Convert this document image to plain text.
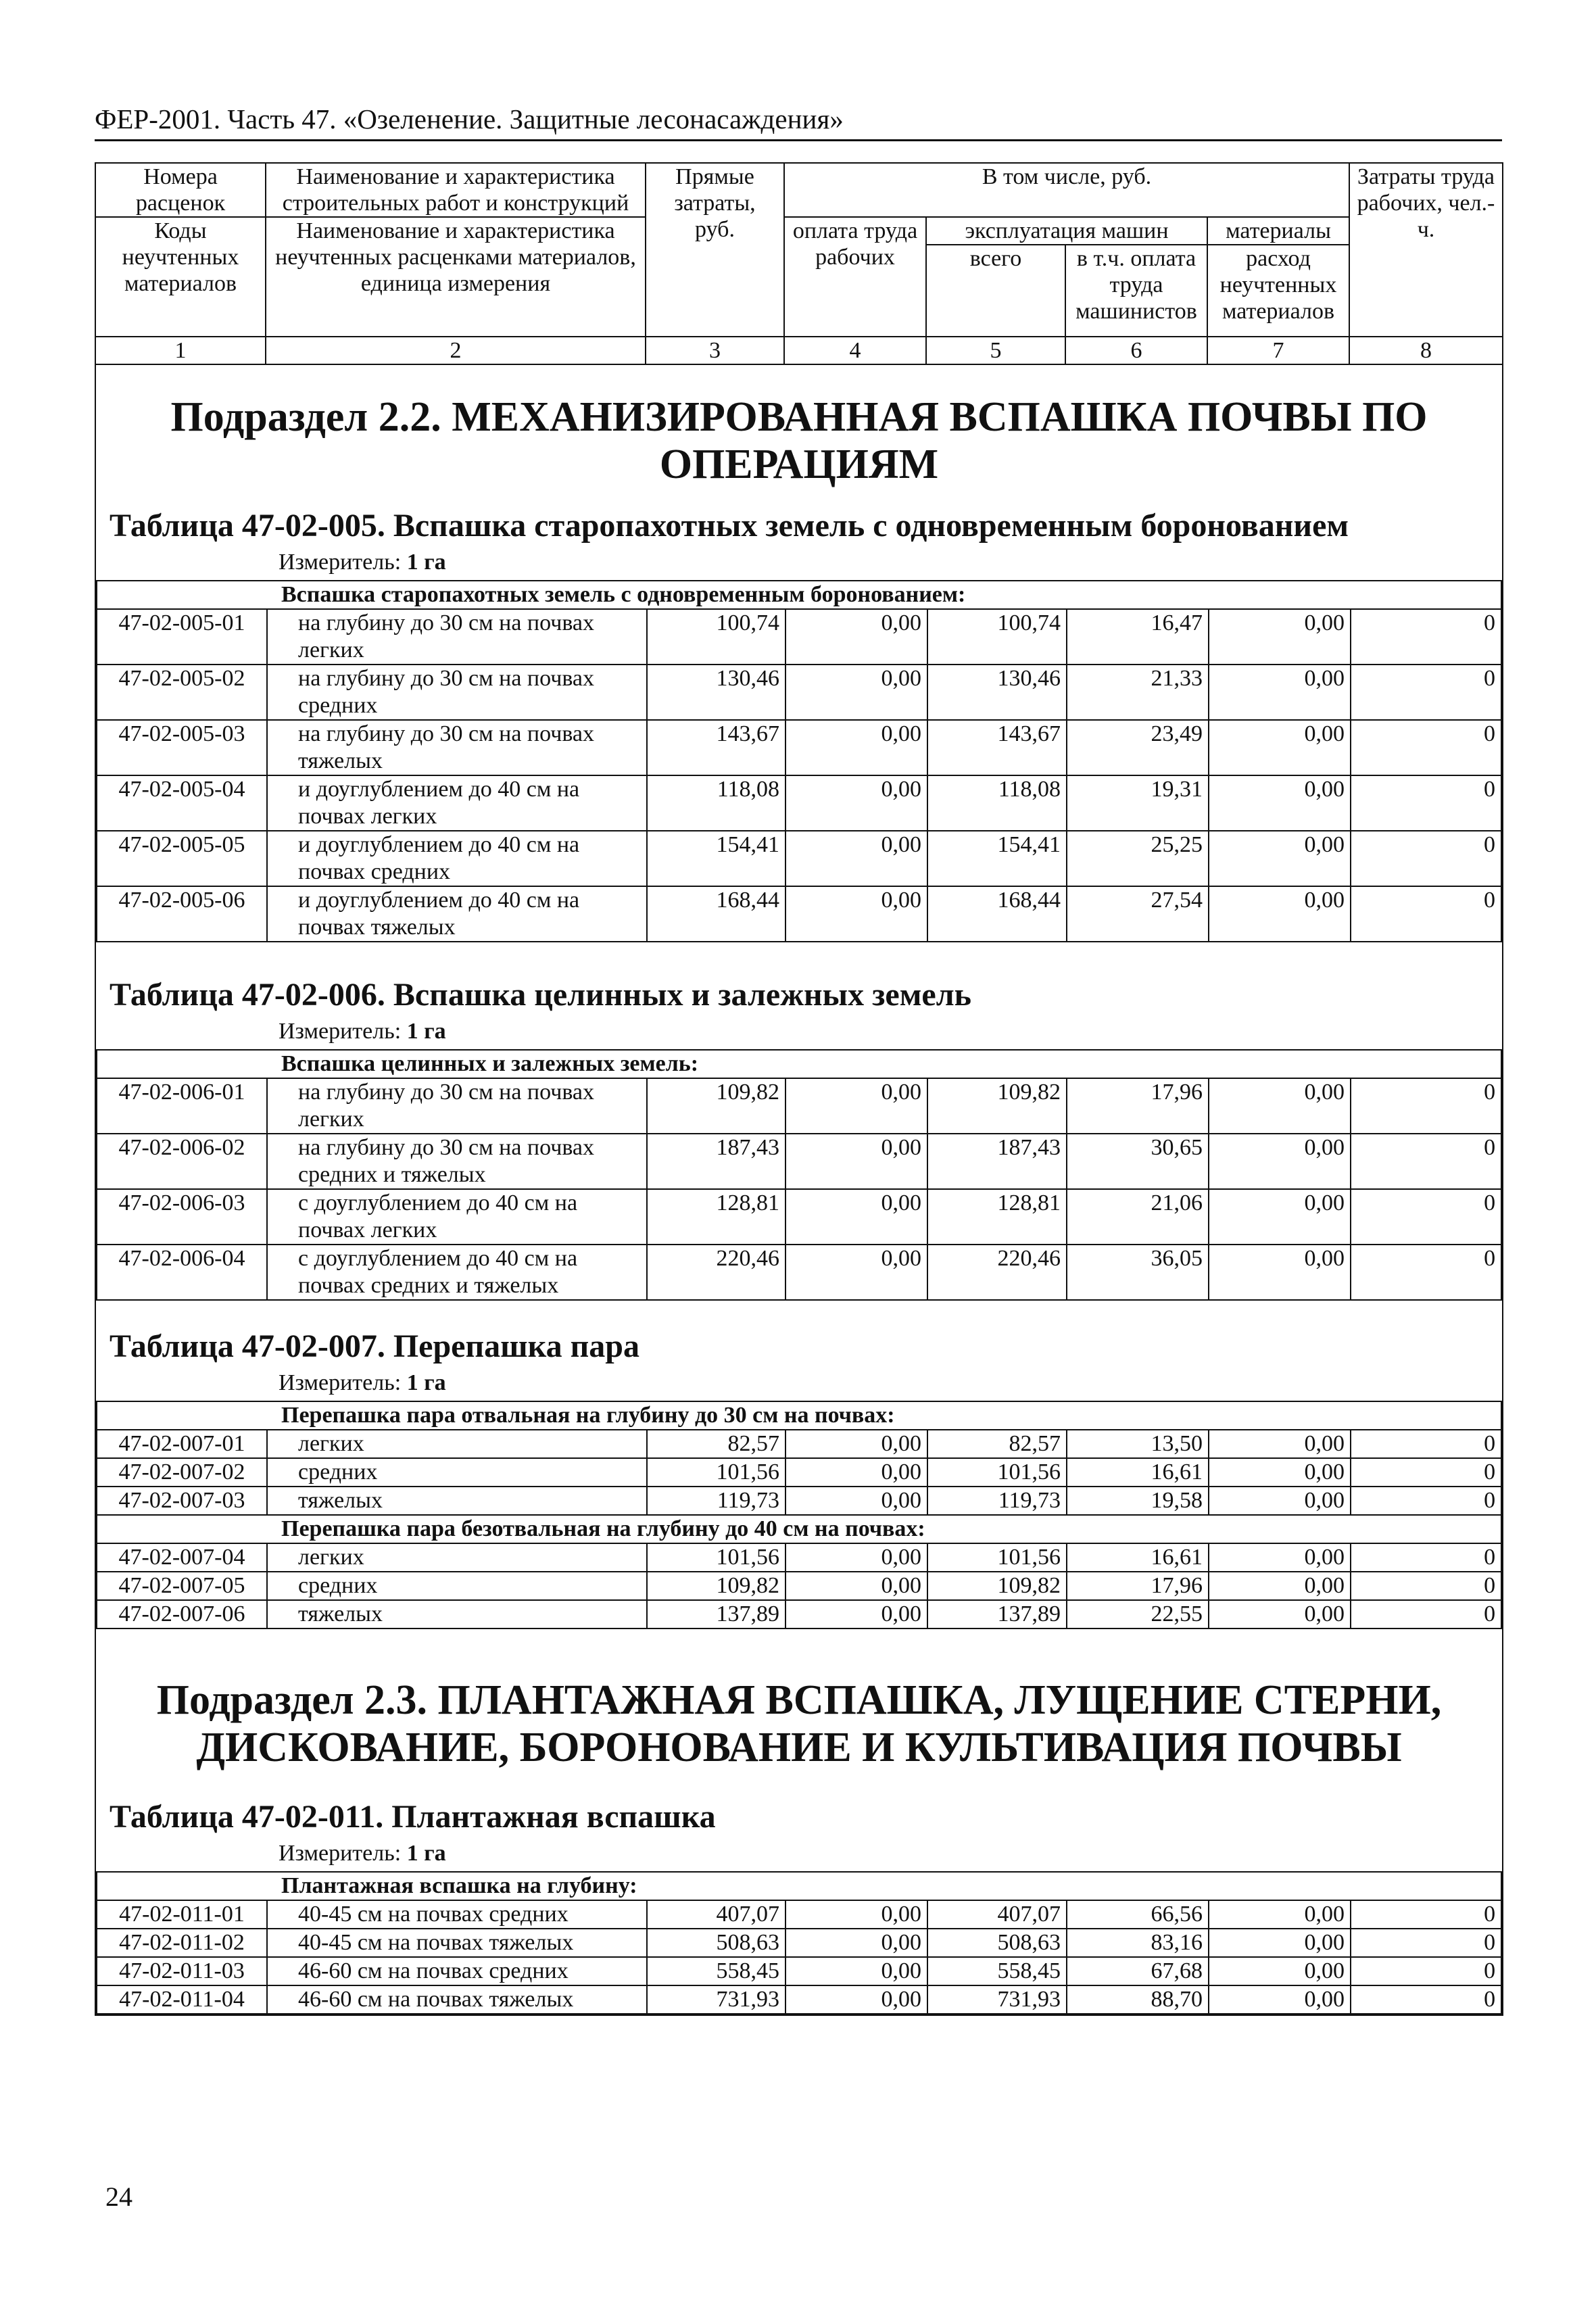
ФЕР-2001. Часть 47. «Озеленение. Защитные лесонасаждения»
Номера расценок	Наименование и характеристика строительных работ и конструкций	Прямые затраты, руб.	В том числе, руб.	Затраты труда рабочих, чел.-ч.
Коды неучтенных материалов	Наименование и характеристика неучтенных расценками материалов, единица измерения	оплата труда рабочих	эксплуатация машин	материалы
всего	в т.ч. оплата труда машинистов	расход неучтенных материалов
1	2	3	4	5	6	7	8

Подраздел 2.2. МЕХАНИЗИРОВАННАЯ ВСПАШКА ПОЧВЫ ПО ОПЕРАЦИЯМ
Таблица 47-02-005. Вспашка старопахотных земель с одновременным боронованием
Измеритель: 1 га
Вспашка старопахотных земель с одновременным боронованием:
47-02-005-01	на глубину до 30 см на почвах легких	100,74	0,00	100,74	16,47	0,00	0
47-02-005-02	на глубину до 30 см на почвах средних	130,46	0,00	130,46	21,33	0,00	0
47-02-005-03	на глубину до 30 см на почвах тяжелых	143,67	0,00	143,67	23,49	0,00	0
47-02-005-04	и доуглублением до 40 см на почвах легких	118,08	0,00	118,08	19,31	0,00	0
47-02-005-05	и доуглублением до 40 см на почвах средних	154,41	0,00	154,41	25,25	0,00	0
47-02-005-06	и доуглублением до 40 см на почвах тяжелых	168,44	0,00	168,44	27,54	0,00	0
Таблица 47-02-006. Вспашка целинных и залежных земель
Измеритель: 1 га
Вспашка целинных и залежных земель:
47-02-006-01	на глубину до 30 см на почвах легких	109,82	0,00	109,82	17,96	0,00	0
47-02-006-02	на глубину до 30 см на почвах средних и тяжелых	187,43	0,00	187,43	30,65	0,00	0
47-02-006-03	с доуглублением до 40 см на почвах легких	128,81	0,00	128,81	21,06	0,00	0
47-02-006-04	с доуглублением до 40 см на почвах средних и тяжелых	220,46	0,00	220,46	36,05	0,00	0
Таблица 47-02-007. Перепашка пара
Измеритель: 1 га
Перепашка пара отвальная на глубину до 30 см на почвах:
47-02-007-01	легких	82,57	0,00	82,57	13,50	0,00	0
47-02-007-02	средних	101,56	0,00	101,56	16,61	0,00	0
47-02-007-03	тяжелых	119,73	0,00	119,73	19,58	0,00	0
Перепашка пара безотвальная на глубину до 40 см на почвах:
47-02-007-04	легких	101,56	0,00	101,56	16,61	0,00	0
47-02-007-05	средних	109,82	0,00	109,82	17,96	0,00	0
47-02-007-06	тяжелых	137,89	0,00	137,89	22,55	0,00	0
Подраздел 2.3. ПЛАНТАЖНАЯ ВСПАШКА, ЛУЩЕНИЕ СТЕРНИ, ДИСКОВАНИЕ, БОРОНОВАНИЕ И КУЛЬТИВАЦИЯ ПОЧВЫ
Таблица 47-02-011. Плантажная вспашка
Измеритель: 1 га
Плантажная вспашка на глубину:
47-02-011-01	40-45 см на почвах средних	407,07	0,00	407,07	66,56	0,00	0
47-02-011-02	40-45 см на почвах тяжелых	508,63	0,00	508,63	83,16	0,00	0
47-02-011-03	46-60 см на почвах средних	558,45	0,00	558,45	67,68	0,00	0
47-02-011-04	46-60 см на почвах тяжелых	731,93	0,00	731,93	88,70	0,00	0
24
